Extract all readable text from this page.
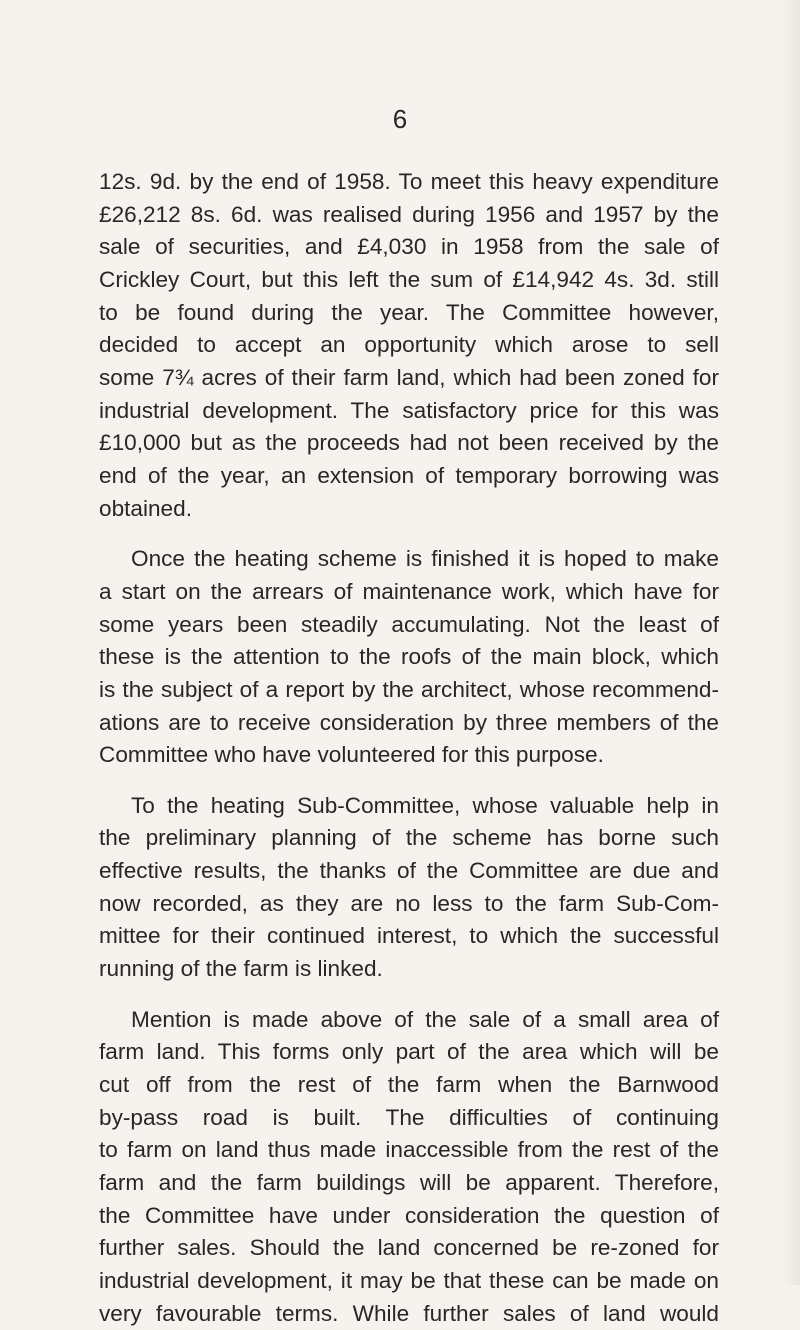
6
12s. 9d. by the end of 1958. To meet this heavy expenditure
£26,212 8s. 6d. was realised during 1956 and 1957 by the
sale of securities, and £4,030 in 1958 from the sale of
Crickley Court, but this left the sum of £14,942 4s. 3d. still
to be found during the year. The Committee however,
decided to accept an opportunity which arose to sell
some 7¾ acres of their farm land, which had been zoned for
industrial development. The satisfactory price for this was
£10,000 but as the proceeds had not been received by the
end of the year, an extension of temporary borrowing was
obtained.
Once the heating scheme is finished it is hoped to make
a start on the arrears of maintenance work, which have for
some years been steadily accumulating. Not the least of
these is the attention to the roofs of the main block, which
is the subject of a report by the architect, whose recommend-
ations are to receive consideration by three members of the
Committee who have volunteered for this purpose.
To the heating Sub-Committee, whose valuable help in
the preliminary planning of the scheme has borne such
effective results, the thanks of the Committee are due and
now recorded, as they are no less to the farm Sub-Com-
mittee for their continued interest, to which the successful
running of the farm is linked.
Mention is made above of the sale of a small area of
farm land. This forms only part of the area which will be
cut off from the rest of the farm when the Barnwood
by-pass road is built. The difficulties of continuing
to farm on land thus made inaccessible from the rest of the
farm and the farm buildings will be apparent. Therefore,
the Committee have under consideration the question of
further sales. Should the land concerned be re-zoned for
industrial development, it may be that these can be made on
very favourable terms. While further sales of land would
